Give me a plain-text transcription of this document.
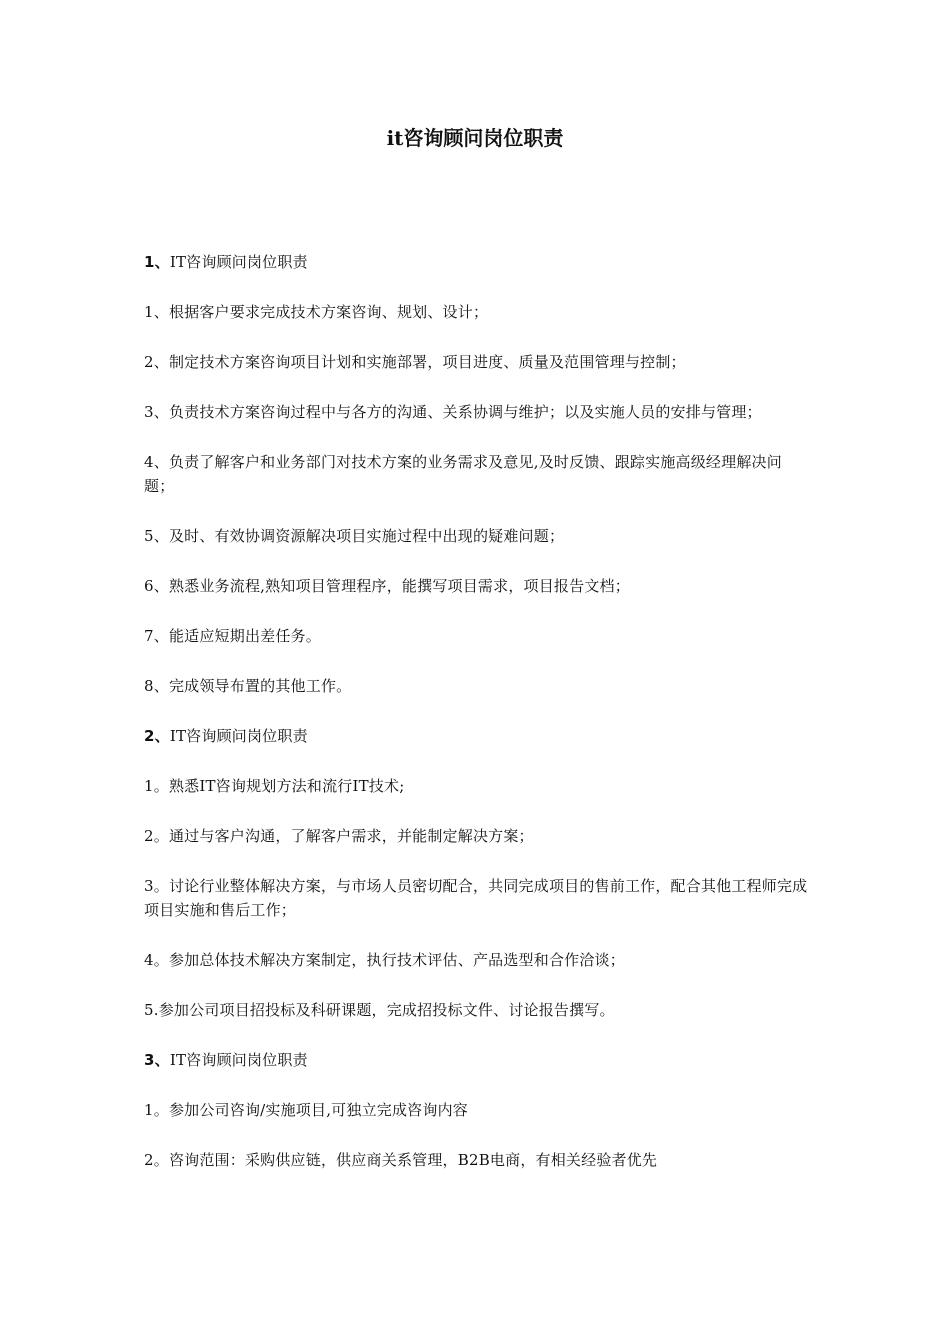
it咨询顾问岗位职责

1、IT咨询顾问岗位职责

1、根据客户要求完成技术方案咨询、规划、设计；

2、制定技术方案咨询项目计划和实施部署，项目进度、质量及范围管理与控制；

3、负责技术方案咨询过程中与各方的沟通、关系协调与维护；以及实施人员的安排与管理；

4、负责了解客户和业务部门对技术方案的业务需求及意见,及时反馈、跟踪实施高级经理解决问题；

5、及时、有效协调资源解决项目实施过程中出现的疑难问题；

6、熟悉业务流程,熟知项目管理程序，能撰写项目需求，项目报告文档；

7、能适应短期出差任务。

8、完成领导布置的其他工作。

2、IT咨询顾问岗位职责

1。熟悉IT咨询规划方法和流行IT技术;

2。通过与客户沟通，了解客户需求，并能制定解决方案；

3。讨论行业整体解决方案，与市场人员密切配合，共同完成项目的售前工作，配合其他工程师完成项目实施和售后工作；

4。参加总体技术解决方案制定，执行技术评估、产品选型和合作洽谈；

5.参加公司项目招投标及科研课题，完成招投标文件、讨论报告撰写。

3、IT咨询顾问岗位职责

1。参加公司咨询/实施项目,可独立完成咨询内容

2。咨询范围：采购供应链，供应商关系管理，B2B电商，有相关经验者优先
